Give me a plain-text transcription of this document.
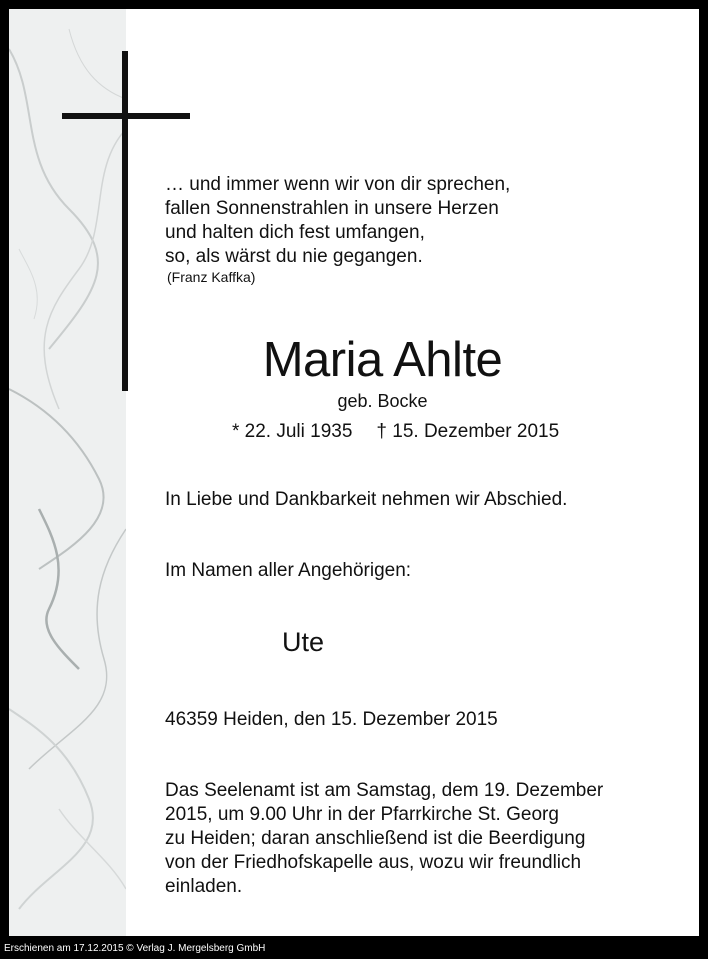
… und immer wenn wir von dir sprechen,
fallen Sonnenstrahlen in unsere Herzen
und halten dich fest umfangen,
so, als wärst du nie gegangen.
(Franz Kaffka)
Maria Ahlte
geb. Bocke
* 22. Juli 1935 † 15. Dezember 2015
In Liebe und Dankbarkeit nehmen wir Abschied.
Im Namen aller Angehörigen:
Ute
46359 Heiden, den 15. Dezember 2015
Das Seelenamt ist am Samstag, dem 19. Dezember
2015, um 9.00 Uhr in der Pfarrkirche St. Georg
zu Heiden; daran anschließend ist die Beerdigung
von der Friedhofskapelle aus, wozu wir freundlich
einladen.
Erschienen am 17.12.2015 © Verlag J. Mergelsberg GmbH
